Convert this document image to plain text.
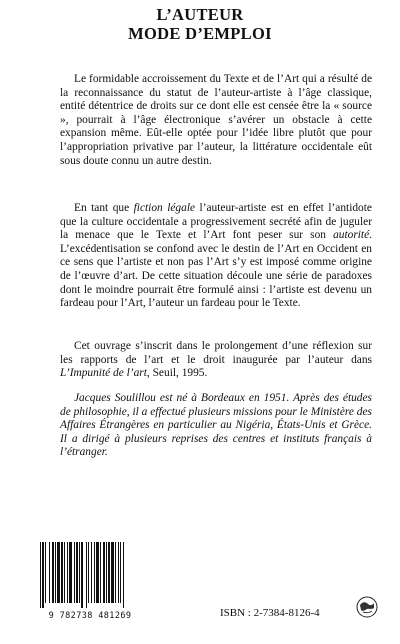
L’AUTEUR
MODE D’EMPLOI

Le formidable accroissement du Texte et de l’Art qui a résulté de la reconnaissance du statut de l’auteur-artiste à l’âge classique, entité détentrice de droits sur ce dont elle est censée être la « source », pourrait à l’âge électronique s’avérer un obstacle à cette expansion même. Eût-elle optée pour l’idée libre plutôt que pour l’appropriation privative par l’auteur, la littérature occidentale eût sous doute connu un autre destin.

En tant que fiction légale l’auteur-artiste est en effet l’antidote que la culture occidentale a progressivement secrété afin de juguler la menace que le Texte et l’Art font peser sur son autorité. L’excédentisation se confond avec le destin de l’Art en Occident en ce sens que l’artiste et non pas l’Art s’y est imposé comme origine de l’œuvre d’art. De cette situation découle une série de paradoxes dont le moindre pourrait être formulé ainsi : l’artiste est devenu un fardeau pour l’Art, l’auteur un fardeau pour le Texte.

Cet ouvrage s’inscrit dans le prolongement d’une réflexion sur les rapports de l’art et le droit inaugurée par l’auteur dans L’Impunité de l’art, Seuil, 1995.

Jacques Soulillou est né à Bordeaux en 1951. Après des études de philosophie, il a effectué plusieurs missions pour le Ministère des Affaires Étrangères en particulier au Nigéria, États-Unis et Grèce. Il a dirigé à plusieurs reprises des centres et instituts français à l’étranger.

9 782738 481269	ISBN : 2-7384-8126-4
